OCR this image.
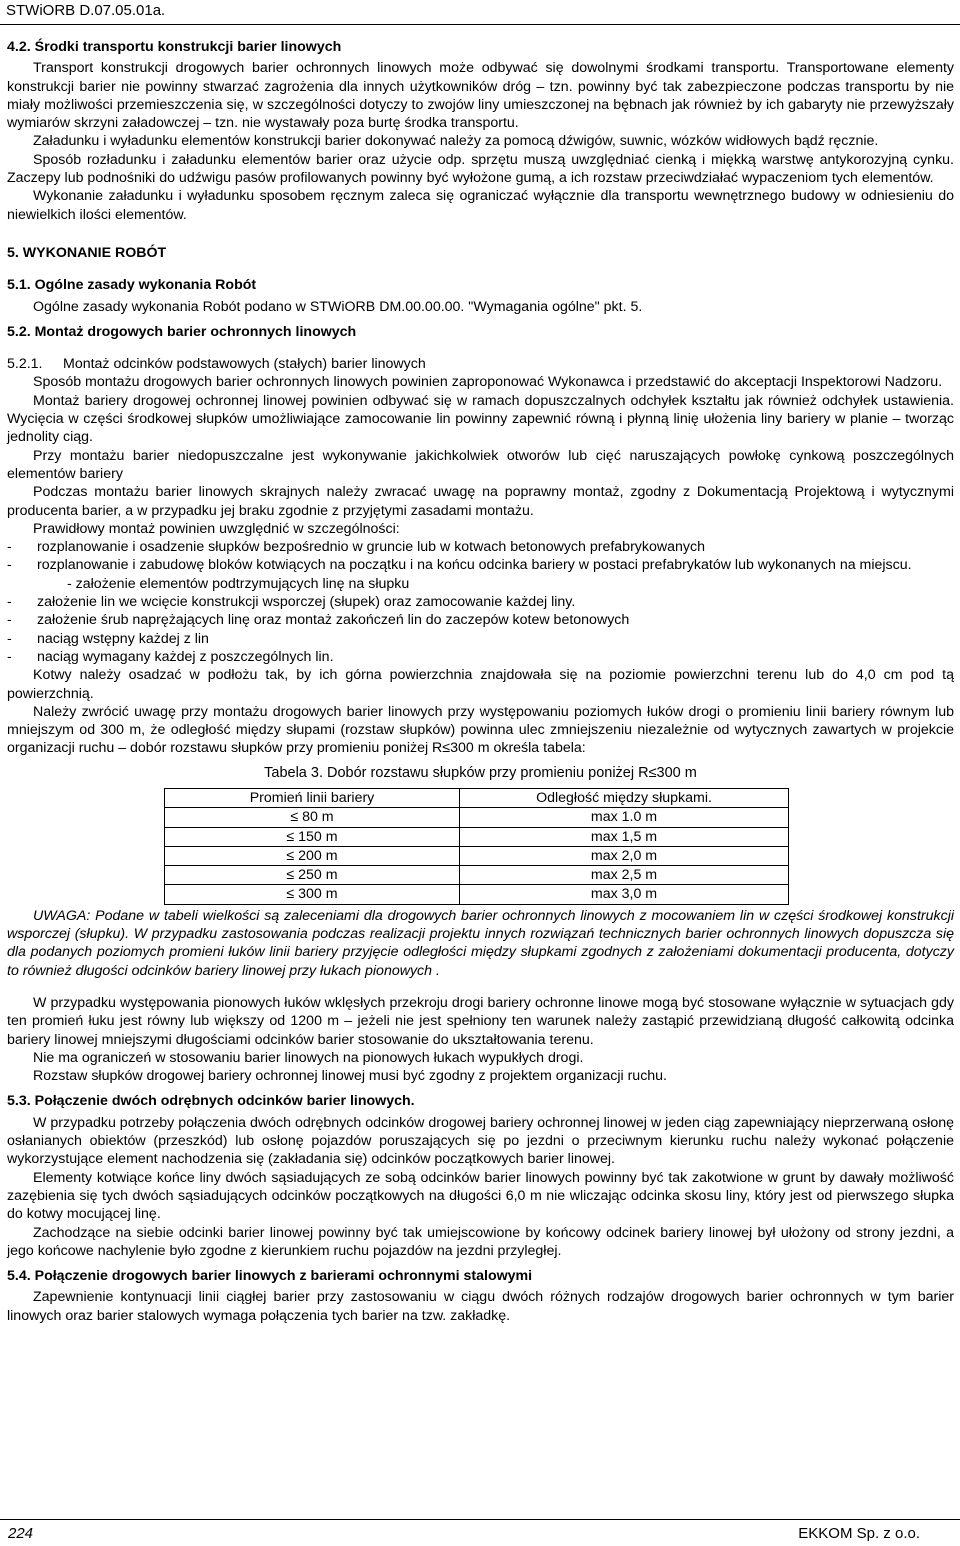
STWiORB D.07.05.01a.

4.2. Środki transportu konstrukcji barier linowych

Transport konstrukcji drogowych barier ochronnych linowych może odbywać się dowolnymi środkami transportu. Transportowane elementy konstrukcji barier nie powinny stwarzać zagrożenia dla innych użytkowników dróg – tzn. powinny być tak zabezpieczone podczas transportu by nie miały możliwości przemieszczenia się, w szczególności dotyczy to zwojów liny umieszczonej na bębnach jak również by ich gabaryty nie przewyższały wymiarów skrzyni załadowczej – tzn. nie wystawały poza burtę środka transportu.

Załadunku i wyładunku elementów konstrukcji barier dokonywać należy za pomocą dźwigów, suwnic, wózków widłowych bądź ręcznie.

Sposób rozładunku i załadunku elementów barier oraz użycie odp. sprzętu muszą uwzględniać cienką i miękką warstwę antykorozyjną cynku. Zaczepy lub podnośniki do udźwigu pasów profilowanych powinny być wyłożone gumą, a ich rozstaw przeciwdziałać wypaczeniom tych elementów.

Wykonanie załadunku i wyładunku sposobem ręcznym zaleca się ograniczać wyłącznie dla transportu wewnętrznego budowy w odniesieniu do niewielkich ilości elementów.

5. WYKONANIE ROBÓT

5.1. Ogólne zasady wykonania Robót

Ogólne zasady wykonania Robót podano w STWiORB DM.00.00.00. "Wymagania ogólne" pkt. 5.

5.2. Montaż drogowych barier ochronnych linowych

5.2.1.	Montaż odcinków podstawowych (stałych) barier linowych

Sposób montażu drogowych barier ochronnych linowych powinien zaproponować Wykonawca i przedstawić do akceptacji Inspektorowi Nadzoru.

Montaż bariery drogowej ochronnej linowej powinien odbywać się w ramach dopuszczalnych odchyłek kształtu jak również odchyłek ustawienia. Wycięcia w części środkowej słupków umożliwiające zamocowanie lin powinny zapewnić równą i płynną linię ułożenia liny bariery w planie – tworząc jednolity ciąg.

Przy montażu barier niedopuszczalne jest wykonywanie jakichkolwiek otworów lub cięć naruszających powłokę cynkową poszczególnych elementów bariery

Podczas montażu barier linowych skrajnych należy zwracać uwagę na poprawny montaż, zgodny z Dokumentacją Projektową i wytycznymi producenta barier, a w przypadku jej braku zgodnie z przyjętymi zasadami montażu.

Prawidłowy montaż powinien uwzględnić w szczególności:

-	rozplanowanie i osadzenie słupków bezpośrednio w gruncie lub w kotwach betonowych prefabrykowanych
-	rozplanowanie i zabudowę bloków kotwiących na początku i na końcu odcinka bariery w postaci prefabrykatów lub wykonanych na miejscu.
- założenie elementów podtrzymujących linę na słupku
-	założenie lin we wcięcie konstrukcji wsporczej (słupek) oraz zamocowanie każdej liny.
-	założenie śrub naprężających linę oraz montaż zakończeń lin do zaczepów kotew betonowych
-	naciąg wstępny każdej z lin
-	naciąg wymagany każdej z poszczególnych lin.

Kotwy należy osadzać w podłożu tak, by ich górna powierzchnia znajdowała się na poziomie powierzchni terenu lub do 4,0 cm pod tą powierzchnią.

Należy zwrócić uwagę przy montażu drogowych barier linowych przy występowaniu poziomych łuków drogi o promieniu linii bariery równym lub mniejszym od 300 m, że odległość między słupami (rozstaw słupków) powinna ulec zmniejszeniu niezależnie od wytycznych zawartych w projekcie organizacji ruchu – dobór rozstawu słupków przy promieniu poniżej R≤300 m określa tabela:

Tabela 3. Dobór rozstawu słupków przy promieniu poniżej R≤300 m
Promień linii bariery	Odległość między słupkami.
≤ 80 m	max 1.0 m
≤ 150 m	max 1,5 m
≤ 200 m	max 2,0 m
≤ 250 m	max 2,5 m
≤ 300 m	max 3,0 m

UWAGA: Podane w tabeli wielkości są zaleceniami dla drogowych barier ochronnych linowych z mocowaniem lin w części środkowej konstrukcji wsporczej (słupku). W przypadku zastosowania podczas realizacji projektu innych rozwiązań technicznych barier ochronnych linowych dopuszcza się dla podanych poziomych promieni łuków linii bariery przyjęcie odległości między słupkami zgodnych z założeniami dokumentacji producenta, dotyczy to również długości odcinków bariery linowej przy łukach pionowych .

W przypadku występowania pionowych łuków wklęsłych przekroju drogi bariery ochronne linowe mogą być stosowane wyłącznie w sytuacjach gdy ten promień łuku jest równy lub większy od 1200 m – jeżeli nie jest spełniony ten warunek należy zastąpić przewidzianą długość całkowitą odcinka bariery linowej mniejszymi długościami odcinków barier stosowanie do ukształtowania terenu.

Nie ma ograniczeń w stosowaniu barier linowych na pionowych łukach wypukłych drogi.

Rozstaw słupków drogowej bariery ochronnej linowej musi być zgodny z projektem organizacji ruchu.

5.3. Połączenie dwóch odrębnych odcinków barier linowych.

W przypadku potrzeby połączenia dwóch odrębnych odcinków drogowej bariery ochronnej linowej w jeden ciąg zapewniający nieprzerwaną osłonę osłanianych obiektów (przeszkód) lub osłonę pojazdów poruszających się po jezdni o przeciwnym kierunku ruchu należy wykonać połączenie wykorzystujące element nachodzenia się (zakładania się) odcinków początkowych barier linowej.

Elementy kotwiące końce liny dwóch sąsiadujących ze sobą odcinków barier linowych powinny być tak zakotwione w grunt by dawały możliwość zazębienia się tych dwóch sąsiadujących odcinków początkowych na długości 6,0 m nie wliczając odcinka skosu liny, który jest od pierwszego słupka do kotwy mocującej linę.

Zachodzące na siebie odcinki barier linowej powinny być tak umiejscowione by końcowy odcinek bariery linowej był ułożony od strony jezdni, a jego końcowe nachylenie było zgodne z kierunkiem ruchu pojazdów na jezdni przyległej.

5.4. Połączenie drogowych barier linowych z barierami ochronnymi stalowymi

Zapewnienie kontynuacji linii ciągłej barier przy zastosowaniu w ciągu dwóch różnych rodzajów drogowych barier ochronnych w tym barier linowych oraz barier stalowych wymaga połączenia tych barier na tzw. zakładkę.

224	EKKOM Sp. z o.o.
